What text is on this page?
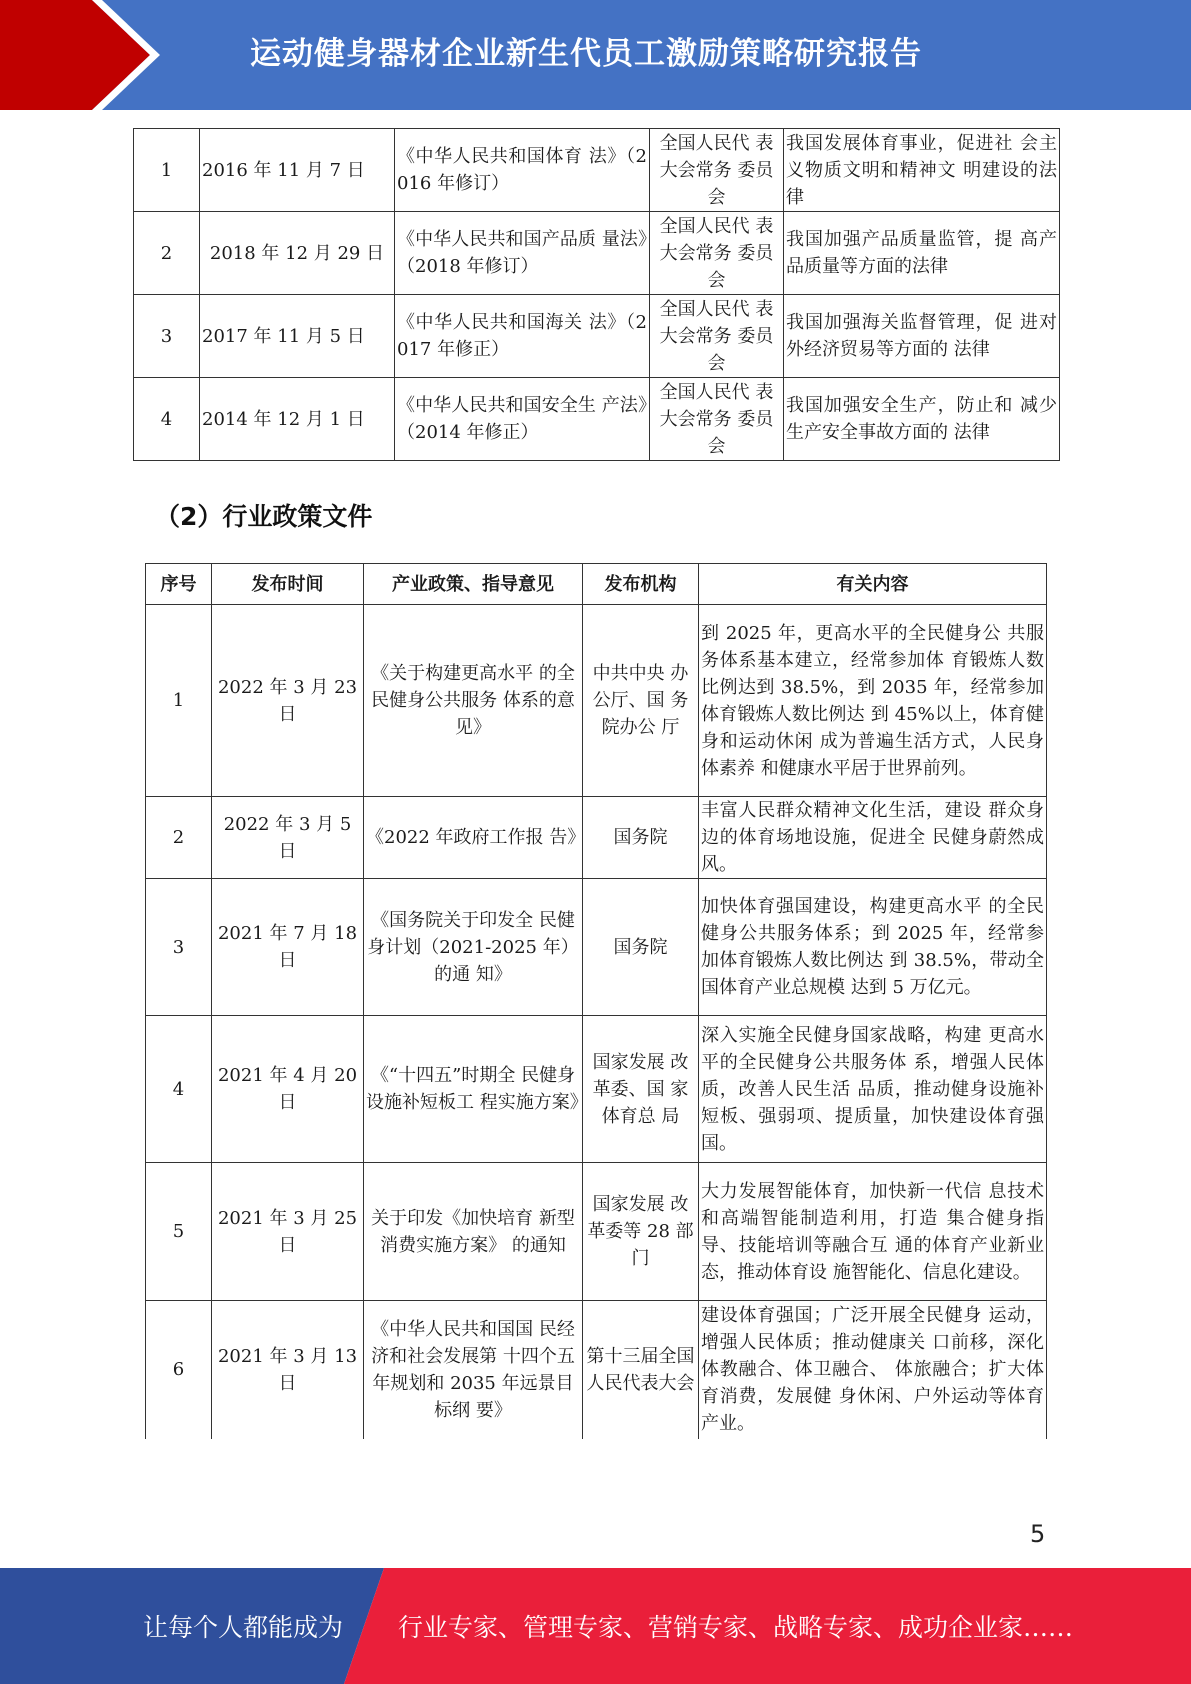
运动健身器材企业新生代员工激励策略研究报告
1	2016 年 11 月 7 日	《中华人民共和国体育 法》（2016 年修订）	全国人民代 表大会常务 委员会	我国发展体育事业，促进社 会主义物质文明和精神文 明建设的法律
2	2018 年 12 月 29 日	《中华人民共和国产品质 量法》（2018 年修订）	全国人民代 表大会常务 委员会	我国加强产品质量监管，提 高产品质量等方面的法律
3	2017 年 11 月 5 日	《中华人民共和国海关 法》（2017 年修正）	全国人民代 表大会常务 委员会	我国加强海关监督管理，促 进对外经济贸易等方面的 法律
4	2014 年 12 月 1 日	《中华人民共和国安全生 产法》（2014 年修正）	全国人民代 表大会常务 委员会	我国加强安全生产，防止和 减少生产安全事故方面的 法律
（2）行业政策文件
序号	发布时间	产业政策、指导意见	发布机构	有关内容
1	2022 年 3 月 23 日	《关于构建更高水平 的全民健身公共服务 体系的意见》	中共中央 办公厅、国 务院办公 厅	到 2025 年，更高水平的全民健身公 共服务体系基本建立，经常参加体 育锻炼人数比例达到 38.5%，到 2035 年，经常参加体育锻炼人数比例达 到 45%以上，体育健身和运动休闲 成为普遍生活方式，人民身体素养 和健康水平居于世界前列。
2	2022 年 3 月 5 日	《2022 年政府工作报 告》	国务院	丰富人民群众精神文化生活，建设 群众身边的体育场地设施，促进全 民健身蔚然成风。
3	2021 年 7 月 18 日	《国务院关于印发全 民健身计划（2021-2025 年）的通 知》	国务院	加快体育强国建设，构建更高水平 的全民健身公共服务体系；到 2025 年，经常参加体育锻炼人数比例达 到 38.5%，带动全国体育产业总规模 达到 5 万亿元。
4	2021 年 4 月 20 日	《“十四五”时期全 民健身设施补短板工 程实施方案》	国家发展 改革委、国 家体育总 局	深入实施全民健身国家战略，构建 更高水平的全民健身公共服务体 系，增强人民体质，改善人民生活 品质，推动健身设施补短板、强弱项、提质量，加快建设体育强国。
5	2021 年 3 月 25 日	关于印发《加快培育 新型消费实施方案》 的通知	国家发展 改革委等 28 部门	大力发展智能体育，加快新一代信 息技术和高端智能制造利用，打造 集合健身指导、技能培训等融合互 通的体育产业新业态，推动体育设 施智能化、信息化建设。
6	2021 年 3 月 13 日	《中华人民共和国国 民经济和社会发展第 十四个五年规划和 2035 年远景目标纲 要》	第十三届全国人民代表大会	建设体育强国；广泛开展全民健身 运动，增强人民体质；推动健康关 口前移，深化体教融合、体卫融合、 体旅融合；扩大体育消费，发展健 身休闲、户外运动等体育产业。
5
让每个人都能成为 行业专家、管理专家、营销专家、战略专家、成功企业家……
